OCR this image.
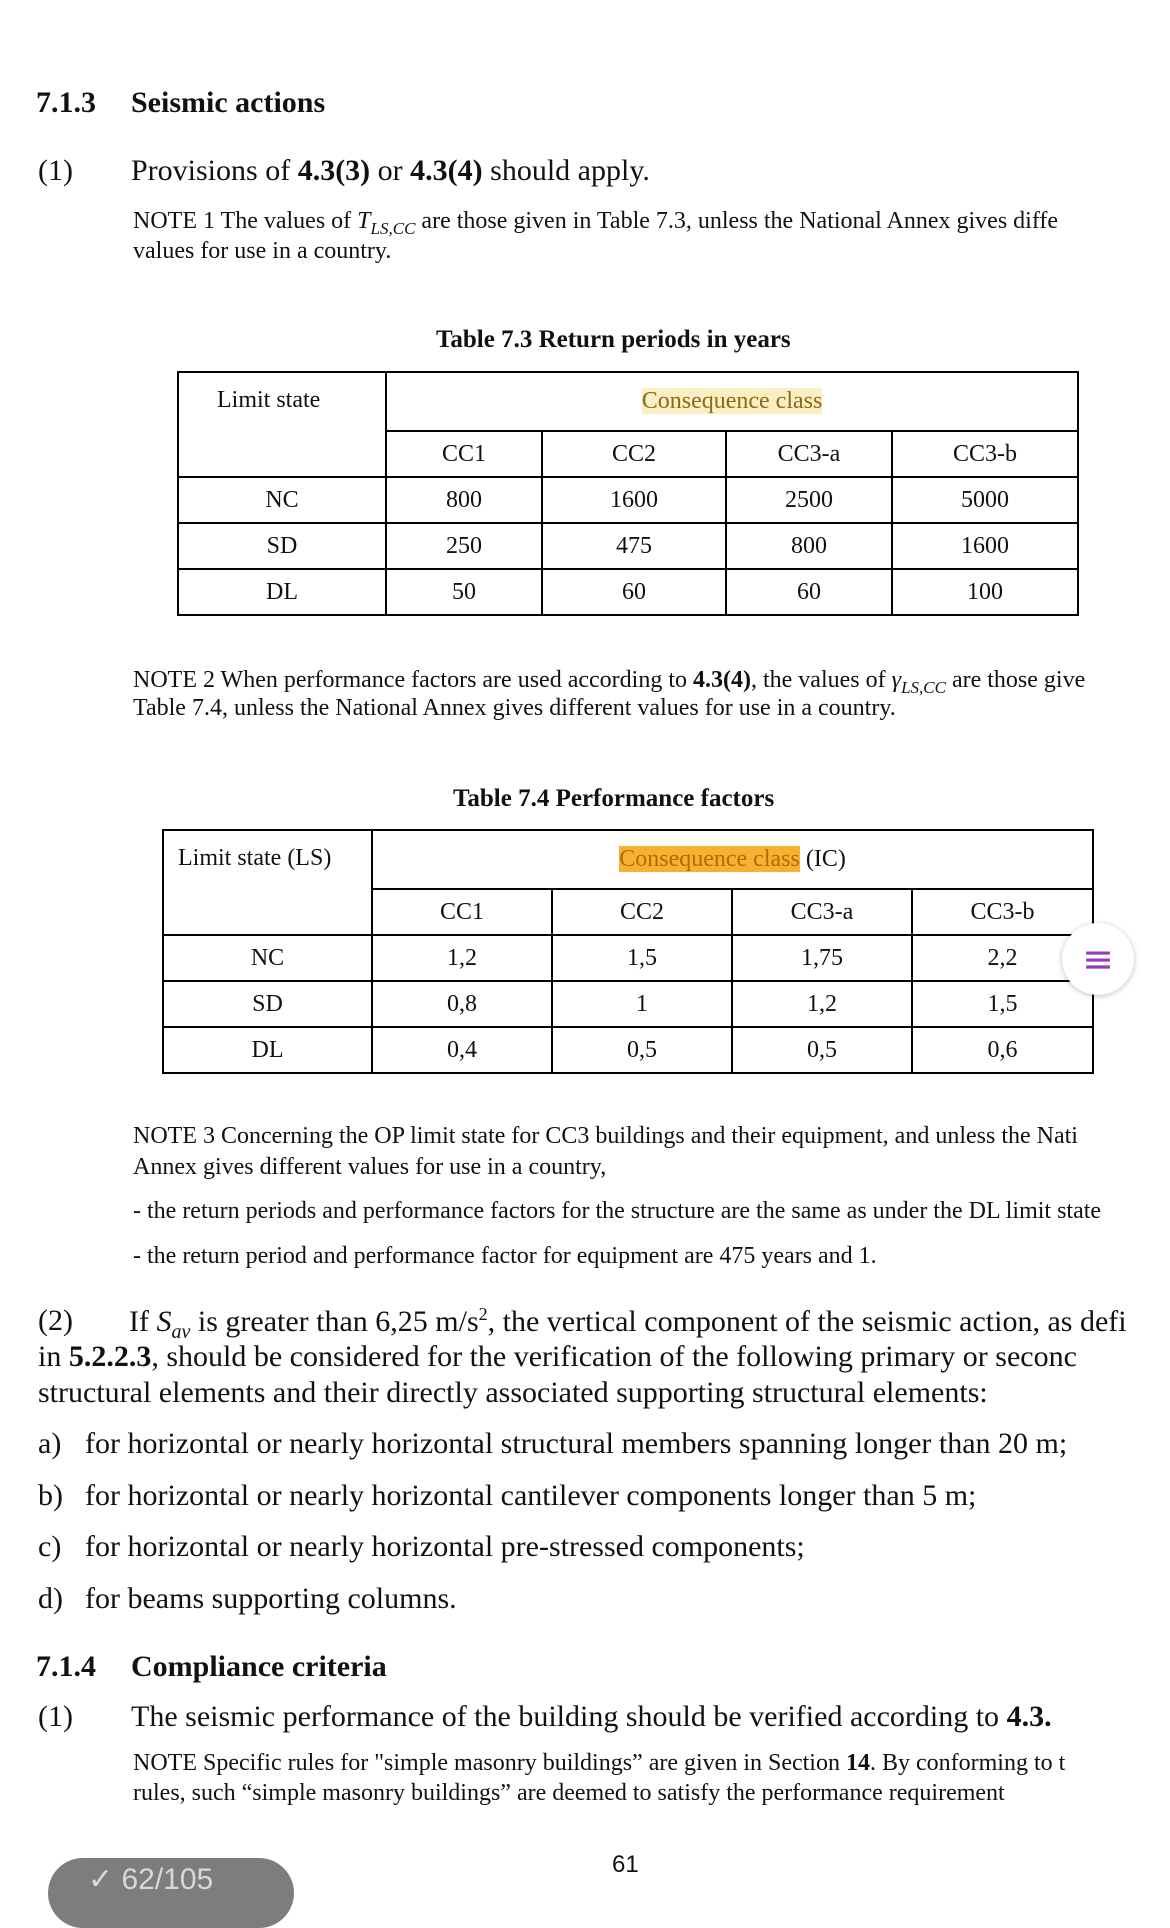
7.1.3 Seismic actions
(1) Provisions of 4.3(3) or 4.3(4) should apply.
NOTE 1 The values of $T_{LS,CC}$ are those given in Table 7.3, unless the National Annex gives diffe
values for use in a country.
Table 7.3 Return periods in years
Limit state	Consequence class			
	CC1	CC2	CC3-a	CC3-b
NC	800	1600	2500	5000
SD	250	475	800	1600
DL	50	60	60	100
NOTE 2 When performance factors are used according to 4.3(4), the values of $\gamma_{LS,CC}$ are those give
Table 7.4, unless the National Annex gives different values for use in a country.
Table 7.4 Performance factors
Limit state (LS)	Consequence class (IC)			
	CC1	CC2	CC3-a	CC3-b
NC	1,2	1,5	1,75	2,2
SD	0,8	1	1,2	1,5
DL	0,4	0,5	0,5	0,6
≡
NOTE 3 Concerning the OP limit state for CC3 buildings and their equipment, and unless the Nati
Annex gives different values for use in a country,
- the return periods and performance factors for the structure are the same as under the DL limit state
- the return period and performance factor for equipment are 475 years and 1.
(2) If $S_{av}$ is greater than 6,25 $m/s^2$, the vertical component of the seismic action, as defi
in 5.2.2.3, should be considered for the verification of the following primary or seconc
structural elements and their directly associated supporting structural elements:
a) for horizontal or nearly horizontal structural members spanning longer than 20 m;
b) for horizontal or nearly horizontal cantilever components longer than 5 m;
c) for horizontal or nearly horizontal pre-stressed components;
d) for beams supporting columns.
7.1.4 Compliance criteria
(1) The seismic performance of the building should be verified according to 4.3.
NOTE Specific rules for "simple masonry buildings” are given in Section 14. By conforming to t
rules, such “simple masonry buildings” are deemed to satisfy the performance requirement
61
✓ 62/105
